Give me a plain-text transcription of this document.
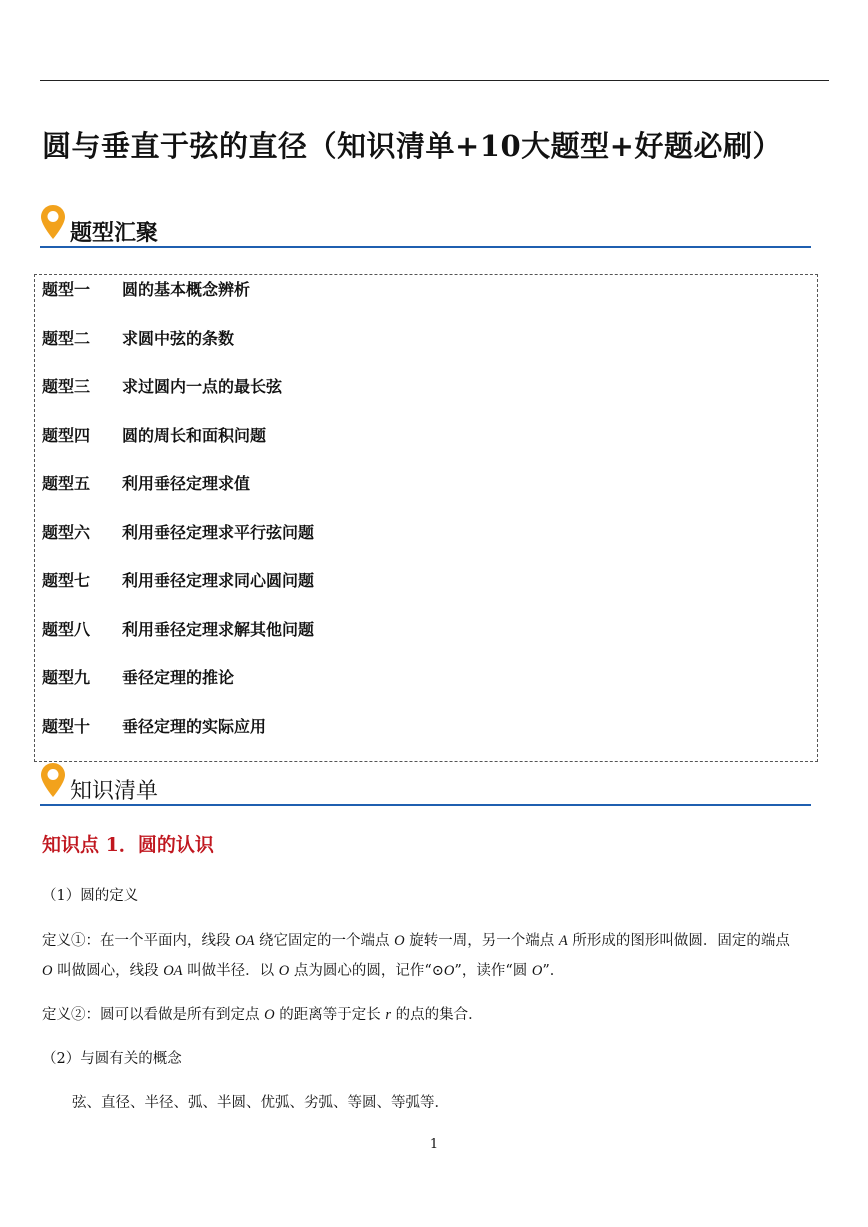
圆与垂直于弦的直径（知识清单+10大题型+好题必刷）
题型汇聚
题型一 圆的基本概念辨析
题型二 求圆中弦的条数
题型三 求过圆内一点的最长弦
题型四 圆的周长和面积问题
题型五 利用垂径定理求值
题型六 利用垂径定理求平行弦问题
题型七 利用垂径定理求同心圆问题
题型八 利用垂径定理求解其他问题
题型九 垂径定理的推论
题型十 垂径定理的实际应用
知识清单
知识点 1．圆的认识
（1）圆的定义
定义①：在一个平面内，线段 OA 绕它固定的一个端点 O 旋转一周，另一个端点 A 所形成的图形叫做圆．固定的端点
O 叫做圆心，线段 OA 叫做半径．以 O 点为圆心的圆，记作“⊙O”，读作“圆 O”．
定义②：圆可以看做是所有到定点 O 的距离等于定长 r 的点的集合．
（2）与圆有关的概念
弦、直径、半径、弧、半圆、优弧、劣弧、等圆、等弧等．
1
